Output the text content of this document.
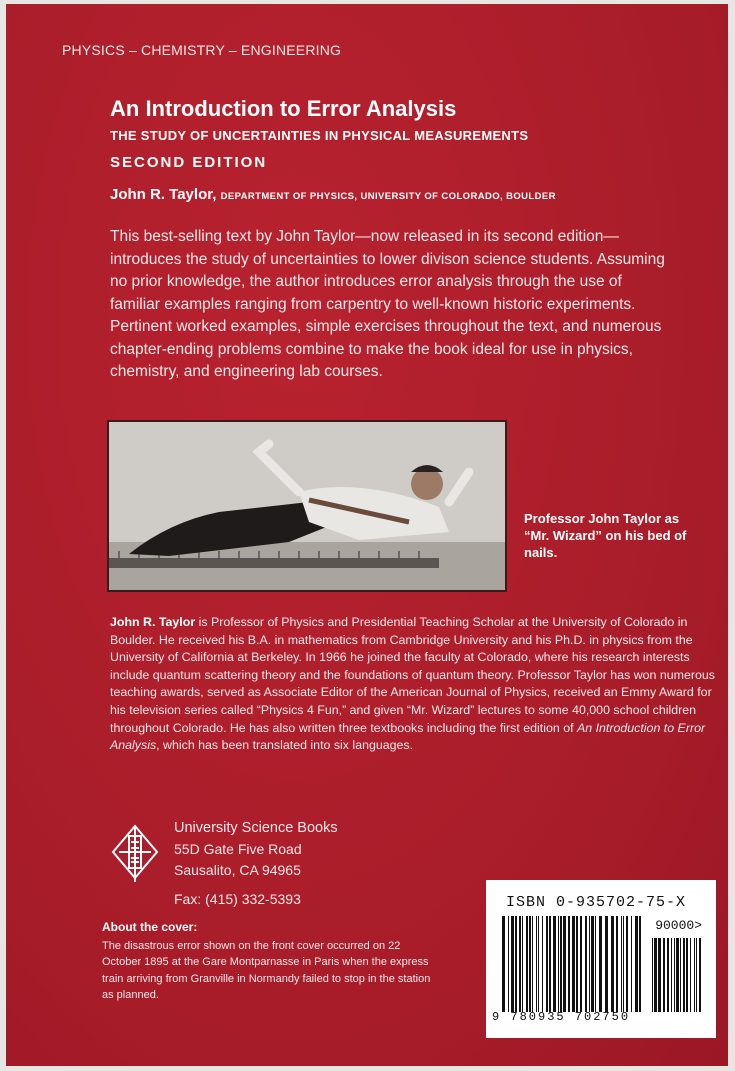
PHYSICS – CHEMISTRY – ENGINEERING
An Introduction to Error Analysis
THE STUDY OF UNCERTAINTIES IN PHYSICAL MEASUREMENTS
SECOND EDITION
John R. Taylor, DEPARTMENT OF PHYSICS, UNIVERSITY OF COLORADO, BOULDER
This best-selling text by John Taylor—now released in its second edition—introduces the study of uncertainties to lower divison science students. Assuming no prior knowledge, the author introduces error analysis through the use of familiar examples ranging from carpentry to well-known historic experiments. Pertinent worked examples, simple exercises throughout the text, and numerous chapter-ending problems combine to make the book ideal for use in physics, chemistry, and engineering lab courses.
Professor John Taylor as “Mr. Wizard” on his bed of nails.
John R. Taylor is Professor of Physics and Presidential Teaching Scholar at the University of Colorado in Boulder. He received his B.A. in mathematics from Cambridge University and his Ph.D. in physics from the University of California at Berkeley. In 1966 he joined the faculty at Colorado, where his research interests include quantum scattering theory and the foundations of quantum theory. Professor Taylor has won numerous teaching awards, served as Associate Editor of the American Journal of Physics, received an Emmy Award for his television series called “Physics 4 Fun,” and given “Mr. Wizard” lectures to some 40,000 school children throughout Colorado. He has also written three textbooks including the first edition of An Introduction to Error Analysis, which has been translated into six languages.
University Science Books
55D Gate Five Road
Sausalito, CA 94965
Fax: (415) 332-5393
About the cover:
The disastrous error shown on the front cover occurred on 22 October 1895 at the Gare Montparnasse in Paris when the express train arriving from Granville in Normandy failed to stop in the station as planned.
ISBN 0-935702-75-X
90000>
9 780935 702750
